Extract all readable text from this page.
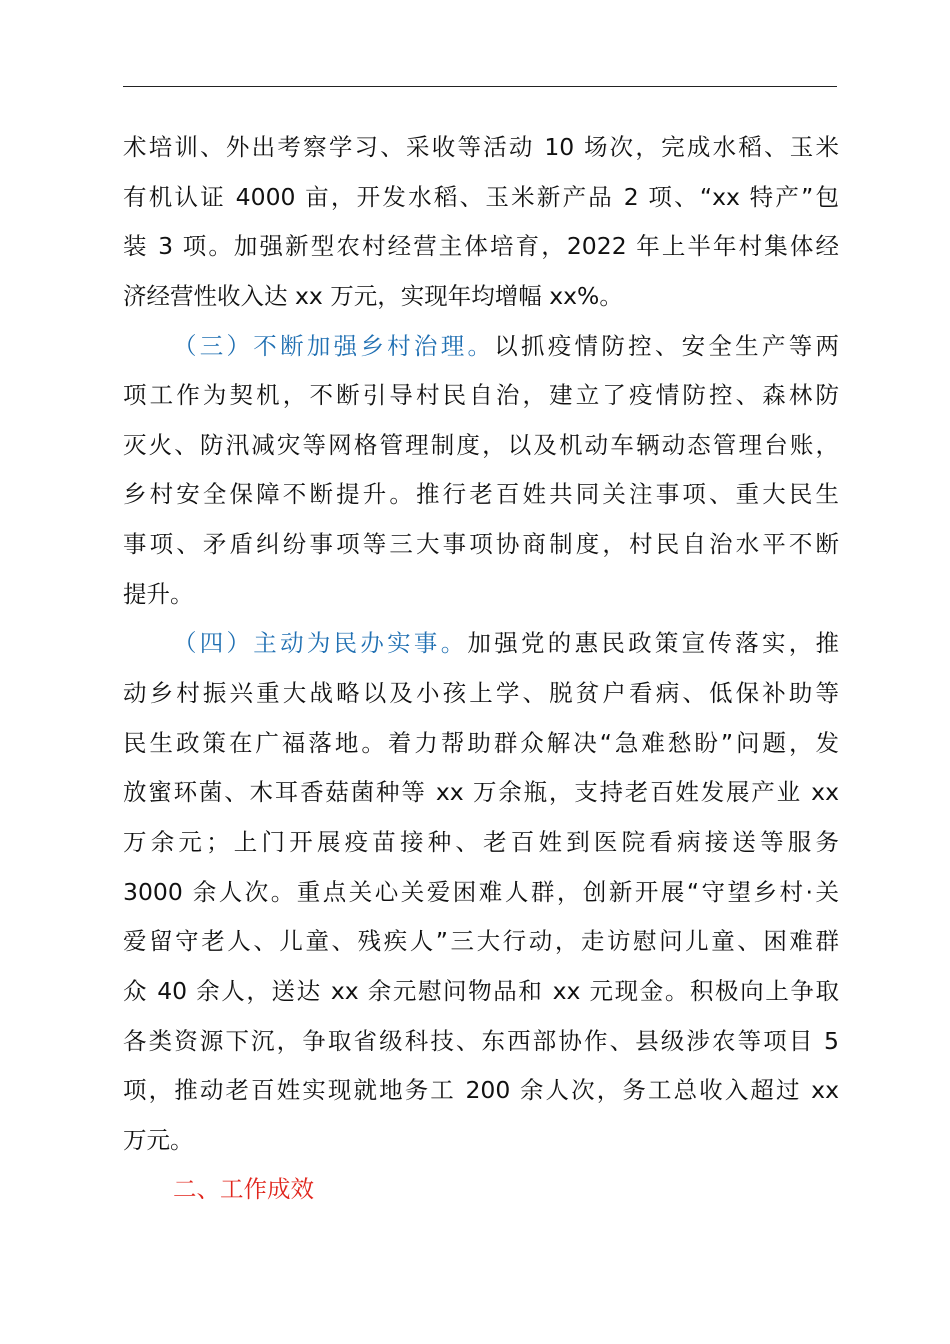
术培训、外出考察学习、采收等活动 10 场次，完成水稻、玉米
有机认证 4000 亩，开发水稻、玉米新产品 2 项、“xx 特产”包
装 3 项。加强新型农村经营主体培育，2022 年上半年村集体经
济经营性收入达 xx 万元，实现年均增幅 xx%。
（三）不断加强乡村治理。以抓疫情防控、安全生产等两
项工作为契机，不断引导村民自治，建立了疫情防控、森林防
灭火、防汛减灾等网格管理制度，以及机动车辆动态管理台账，
乡村安全保障不断提升。推行老百姓共同关注事项、重大民生
事项、矛盾纠纷事项等三大事项协商制度，村民自治水平不断
提升。
（四）主动为民办实事。加强党的惠民政策宣传落实，推
动乡村振兴重大战略以及小孩上学、脱贫户看病、低保补助等
民生政策在广福落地。着力帮助群众解决“急难愁盼”问题，发
放蜜环菌、木耳香菇菌种等 xx 万余瓶，支持老百姓发展产业 xx
万余元；上门开展疫苗接种、老百姓到医院看病接送等服务
3000 余人次。重点关心关爱困难人群，创新开展“守望乡村·关
爱留守老人、儿童、残疾人”三大行动，走访慰问儿童、困难群
众 40 余人，送达 xx 余元慰问物品和 xx 元现金。积极向上争取
各类资源下沉，争取省级科技、东西部协作、县级涉农等项目 5
项，推动老百姓实现就地务工 200 余人次，务工总收入超过 xx
万元。
二、工作成效
